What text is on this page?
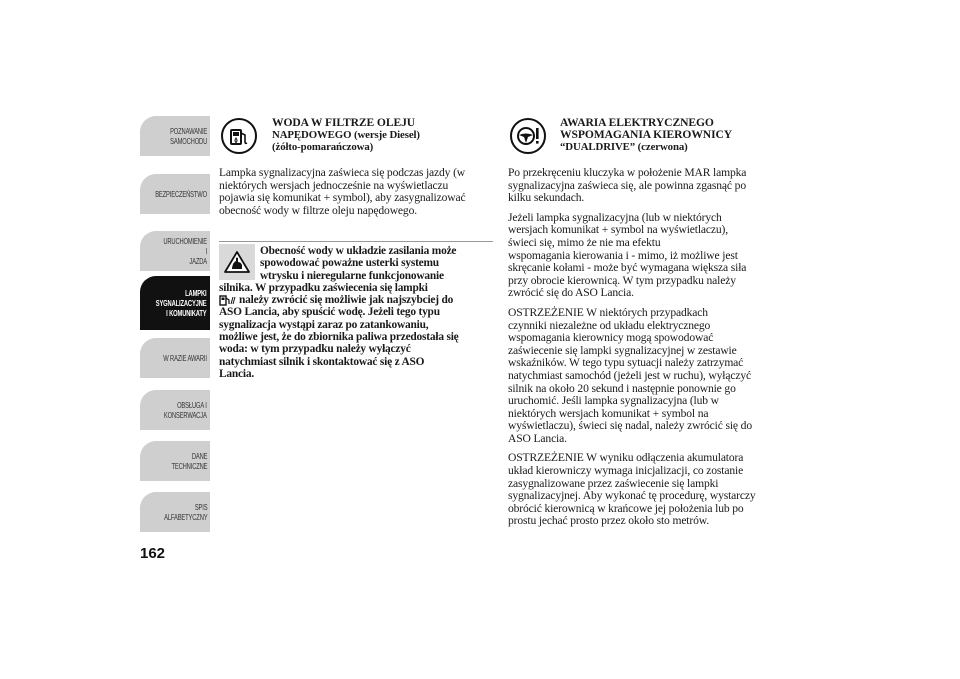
POZNAWANIE
SAMOCHODU
BEZPIECZEŃSTWO
URUCHOMIENIE I
JAZDA
LAMPKI
SYGNALIZACYJNE
I KOMUNIKATY
W RAZIE AWARII
OBSŁUGA I
KONSERWACJA
DANE
TECHNICZNE
SPIS
ALFABETYCZNY
162
WODA W FILTRZE OLEJU
NAPĘDOWEGO (wersje Diesel)
(żółto-pomarańczowa)
Lampka sygnalizacyjna zaświeca się podczas jazdy (w
niektórych wersjach jednocześnie na wyświetlaczu
pojawia się komunikat + symbol), aby zasygnalizować
obecność wody w filtrze oleju napędowego.
Obecność wody w układzie zasilania może
spowodować poważne usterki systemu
wtrysku i nieregularne funkcjonowanie
silnika. W przypadku zaświecenia się lampki
należy zwrócić się możliwie jak najszybciej do
ASO Lancia, aby spuścić wodę. Jeżeli tego typu
sygnalizacja wystąpi zaraz po zatankowaniu,
możliwe jest, że do zbiornika paliwa przedostała się
woda: w tym przypadku należy wyłączyć
natychmiast silnik i skontaktować się z ASO
Lancia.
AWARIA ELEKTRYCZNEGO
WSPOMAGANIA KIEROWNICY
“DUALDRIVE” (czerwona)

Po przekręceniu kluczyka w położenie MAR lampka
sygnalizacyjna zaświeca się, ale powinna zgasnąć po
kilku sekundach.

Jeżeli lampka sygnalizacyjna (lub w niektórych
wersjach komunikat + symbol na wyświetlaczu),
świeci się, mimo że nie ma efektu
wspomagania kierowania i - mimo, iż możliwe jest
skręcanie kołami - może być wymagana większa siła
przy obrocie kierownicą. W tym przypadku należy
zwrócić się do ASO Lancia.

OSTRZEŻENIE W niektórych przypadkach
czynniki niezależne od układu elektrycznego
wspomagania kierownicy mogą spowodować
zaświecenie się lampki sygnalizacyjnej w zestawie
wskaźników. W tego typu sytuacji należy zatrzymać
natychmiast samochód (jeżeli jest w ruchu), wyłączyć
silnik na około 20 sekund i następnie ponownie go
uruchomić. Jeśli lampka sygnalizacyjna (lub w
niektórych wersjach komunikat + symbol na
wyświetlaczu), świeci się nadal, należy zwrócić się do
ASO Lancia.

OSTRZEŻENIE W wyniku odłączenia akumulatora
układ kierowniczy wymaga inicjalizacji, co zostanie
zasygnalizowane przez zaświecenie się lampki
sygnalizacyjnej. Aby wykonać tę procedurę, wystarczy
obrócić kierownicą w krańcowe jej położenia lub po
prostu jechać prosto przez około sto metrów.
